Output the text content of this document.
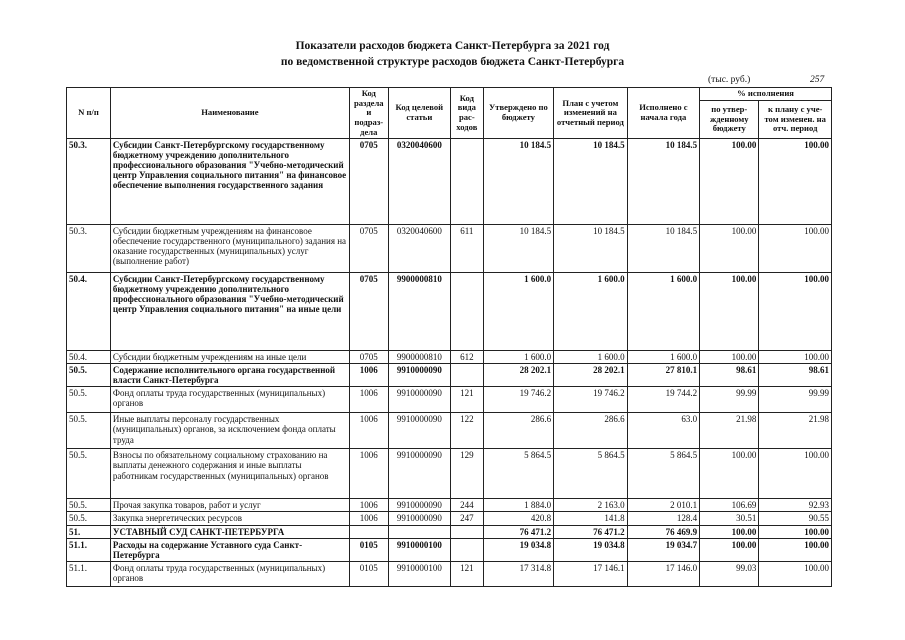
Показатели расходов бюджета Санкт-Петербурга за 2021 год
по ведомственной структуре расходов бюджета Санкт-Петербурга
(тыс. руб.)	257
N п/п	Наименование	Код раздела и подраз-дела	Код целевой статьи	Код вида рас-ходов	Утверждено по бюджету	План с учетом изменений на отчетный период	Исполнено с начала года	% исполнения	
								по утвер-жденному бюджету	к плану с уче-том изменен. на отч. период
50.3.	Субсидии Санкт-Петербургскому государственному бюджетному учреждению дополнительного профессионального образования "Учебно-методический центр Управления социального питания" на финансовое обеспечение выполнения государственного задания	0705	0320040600		10 184.5	10 184.5	10 184.5	100.00	100.00
50.3.	Субсидии бюджетным учреждениям на финансовое обеспечение государственного (муниципального) задания на оказание государственных (муниципальных) услуг (выполнение работ)	0705	0320040600	611	10 184.5	10 184.5	10 184.5	100.00	100.00
50.4.	Субсидии Санкт-Петербургскому государственному бюджетному учреждению дополнительного профессионального образования "Учебно-методический центр Управления социального питания" на иные цели	0705	9900000810		1 600.0	1 600.0	1 600.0	100.00	100.00
50.4.	Субсидии бюджетным учреждениям на иные цели	0705	9900000810	612	1 600.0	1 600.0	1 600.0	100.00	100.00
50.5.	Содержание исполнительного органа государственной власти Санкт-Петербурга	1006	9910000090		28 202.1	28 202.1	27 810.1	98.61	98.61
50.5.	Фонд оплаты труда государственных (муниципальных) органов	1006	9910000090	121	19 746.2	19 746.2	19 744.2	99.99	99.99
50.5.	Иные выплаты персоналу государственных (муниципальных) органов, за исключением фонда оплаты труда	1006	9910000090	122	286.6	286.6	63.0	21.98	21.98
50.5.	Взносы по обязательному социальному страхованию на выплаты денежного содержания и иные выплаты работникам государственных (муниципальных) органов	1006	9910000090	129	5 864.5	5 864.5	5 864.5	100.00	100.00
50.5.	Прочая закупка товаров, работ и услуг	1006	9910000090	244	1 884.0	2 163.0	2 010.1	106.69	92.93
50.5.	Закупка энергетических ресурсов	1006	9910000090	247	420.8	141.8	128.4	30.51	90.55
51.	УСТАВНЫЙ СУД САНКТ-ПЕТЕРБУРГА				76 471.2	76 471.2	76 469.9	100.00	100.00
51.1.	Расходы на содержание Уставного суда Санкт-Петербурга	0105	9910000100		19 034.8	19 034.8	19 034.7	100.00	100.00
51.1.	Фонд оплаты труда государственных (муниципальных) органов	0105	9910000100	121	17 314.8	17 146.1	17 146.0	99.03	100.00
